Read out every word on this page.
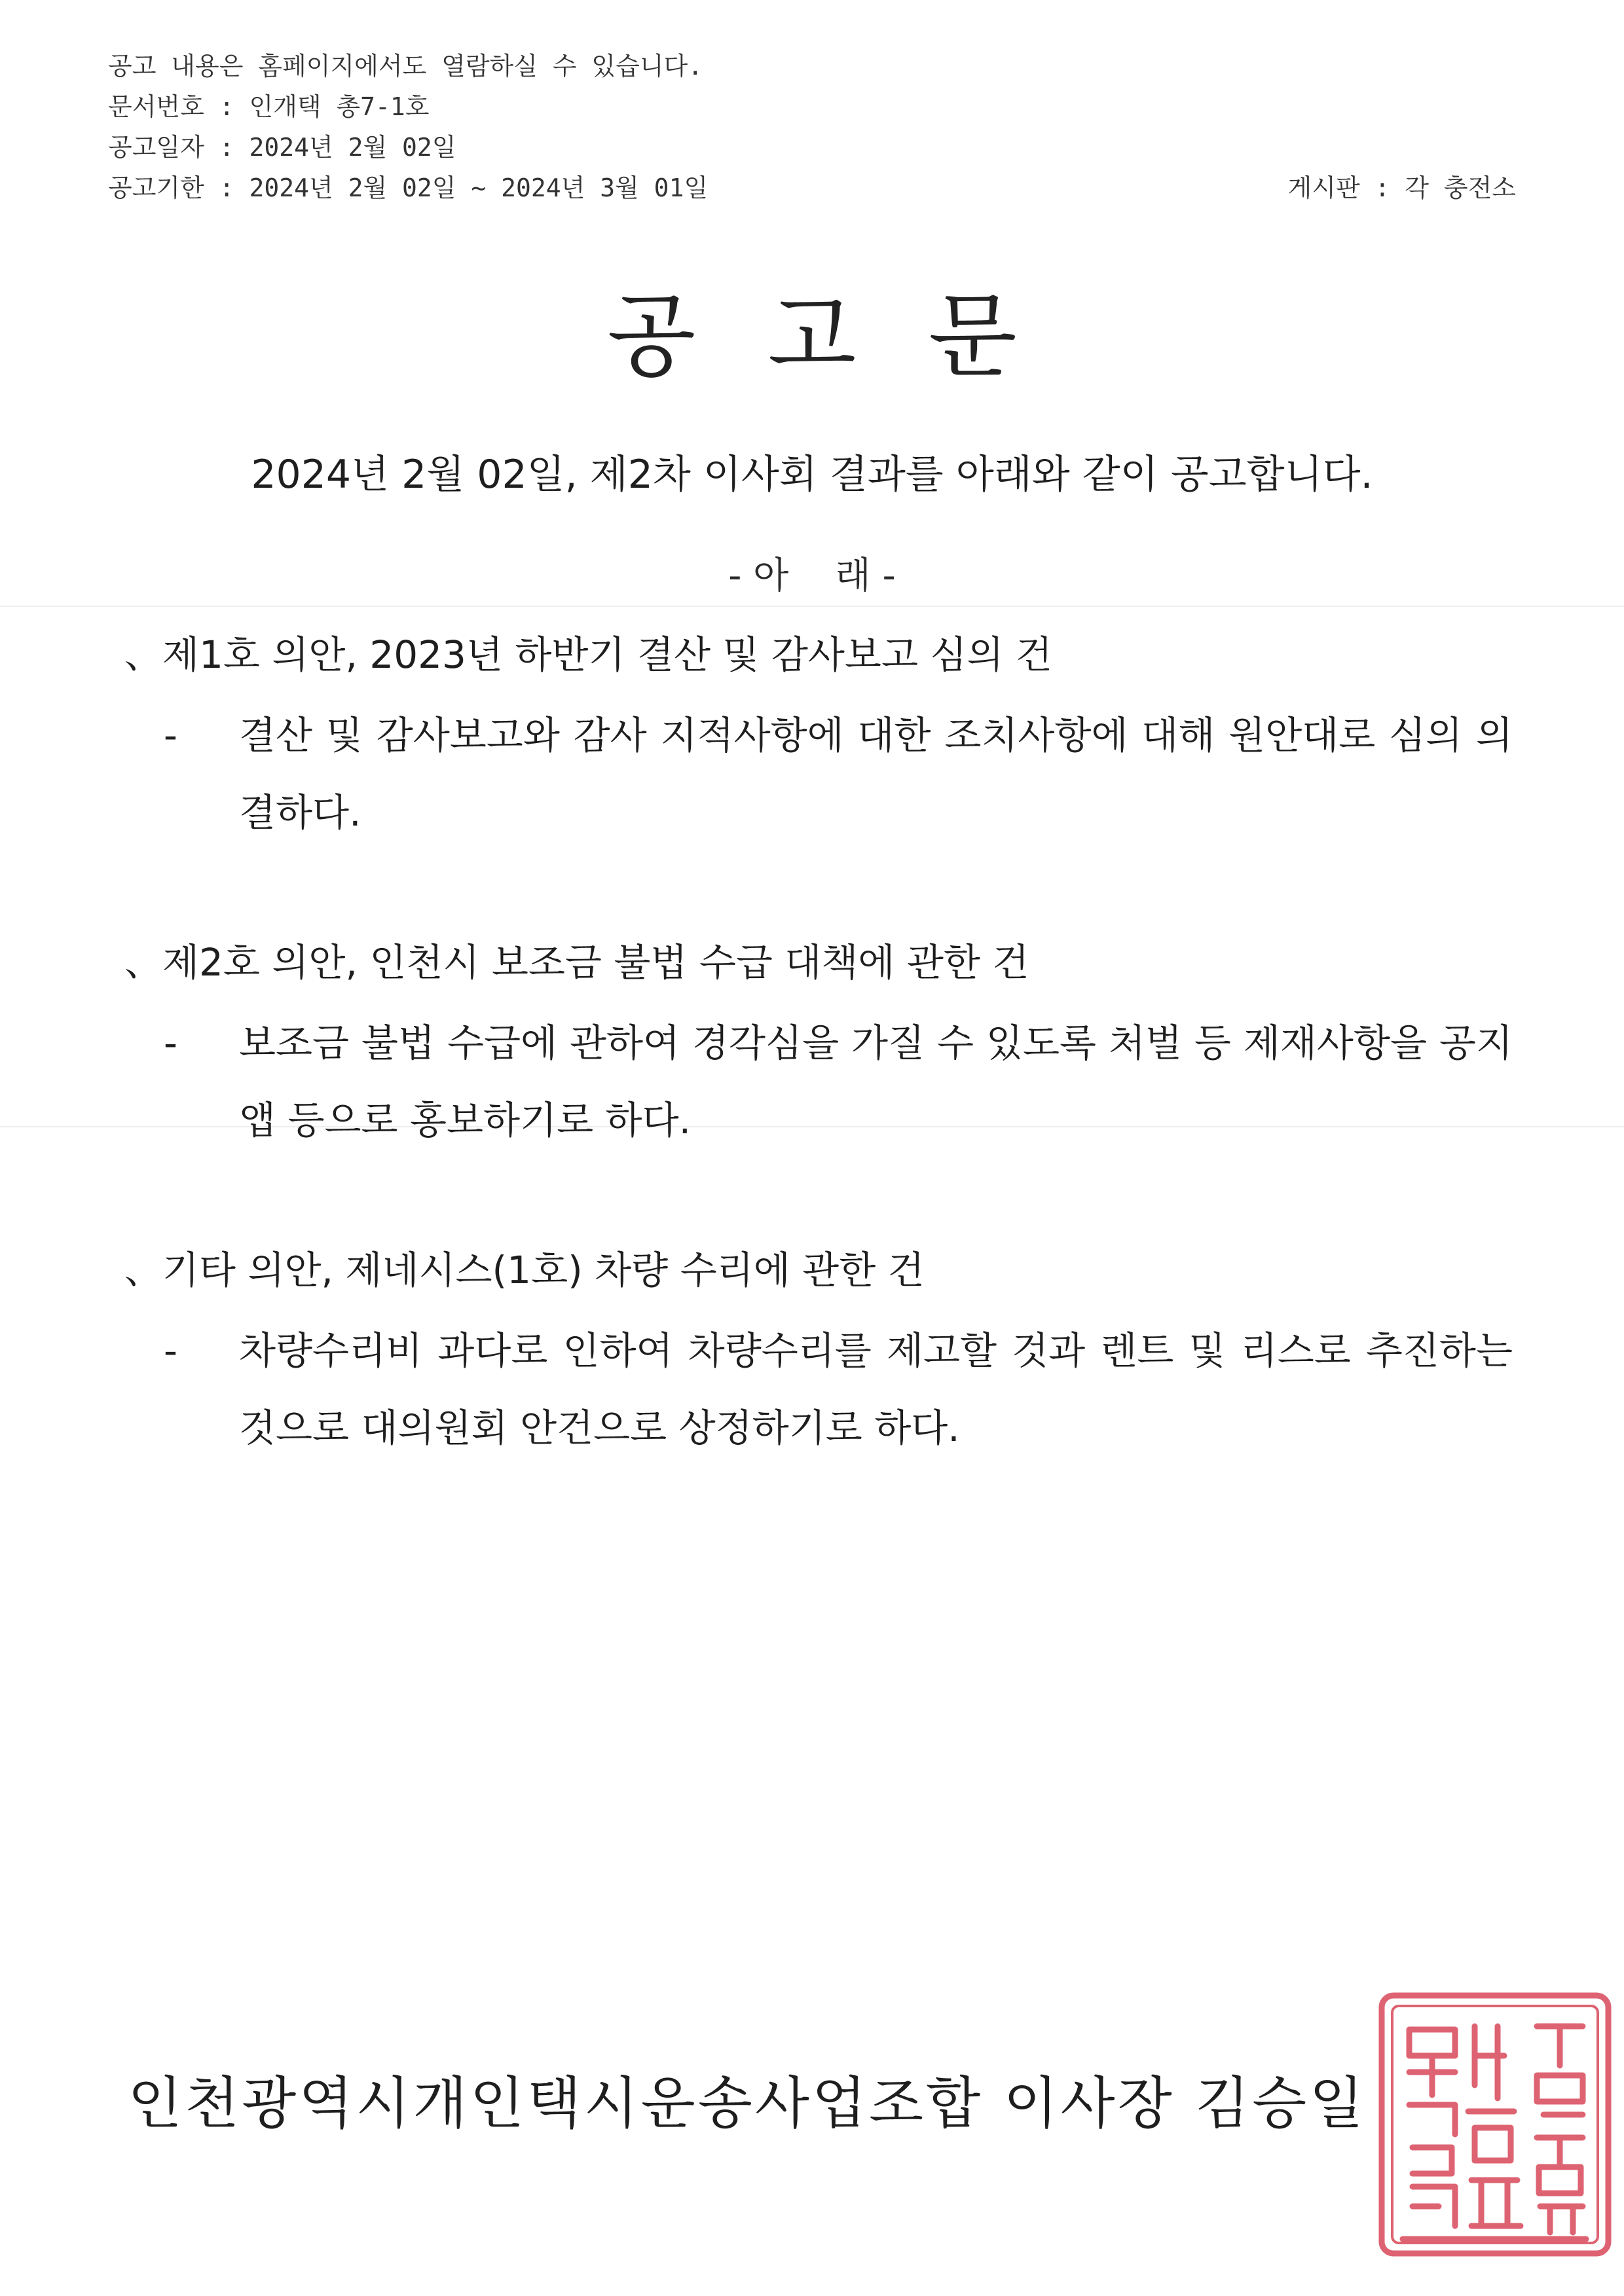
공고 내용은 홈페이지에서도 열람하실 수 있습니다.
문서번호 : 인개택 총7-1호
공고일자 : 2024년 2월 02일
공고기한 : 2024년 2월 02일 ~ 2024년 3월 01일	게시판 : 각 충전소
공고문
2024년 2월 02일, 제2차 이사회 결과를 아래와 같이 공고합니다.
- 아    래 -
、제1호 의안, 2023년 하반기 결산 및 감사보고 심의 건
- 결산 및 감사보고와 감사 지적사항에 대한 조치사항에 대해 원안대로 심의 의결하다.
、제2호 의안, 인천시 보조금 불법 수급 대책에 관한 건
- 보조금 불법 수급에 관하여 경각심을 가질 수 있도록 처벌 등 제재사항을 공지앱 등으로 홍보하기로 하다.
、기타 의안, 제네시스(1호) 차량 수리에 관한 건
- 차량수리비 과다로 인하여 차량수리를 제고할 것과 렌트 및 리스로 추진하는 것으로 대의원회 안건으로 상정하기로 하다.
인천광역시개인택시운송사업조합 이사장 김승일
